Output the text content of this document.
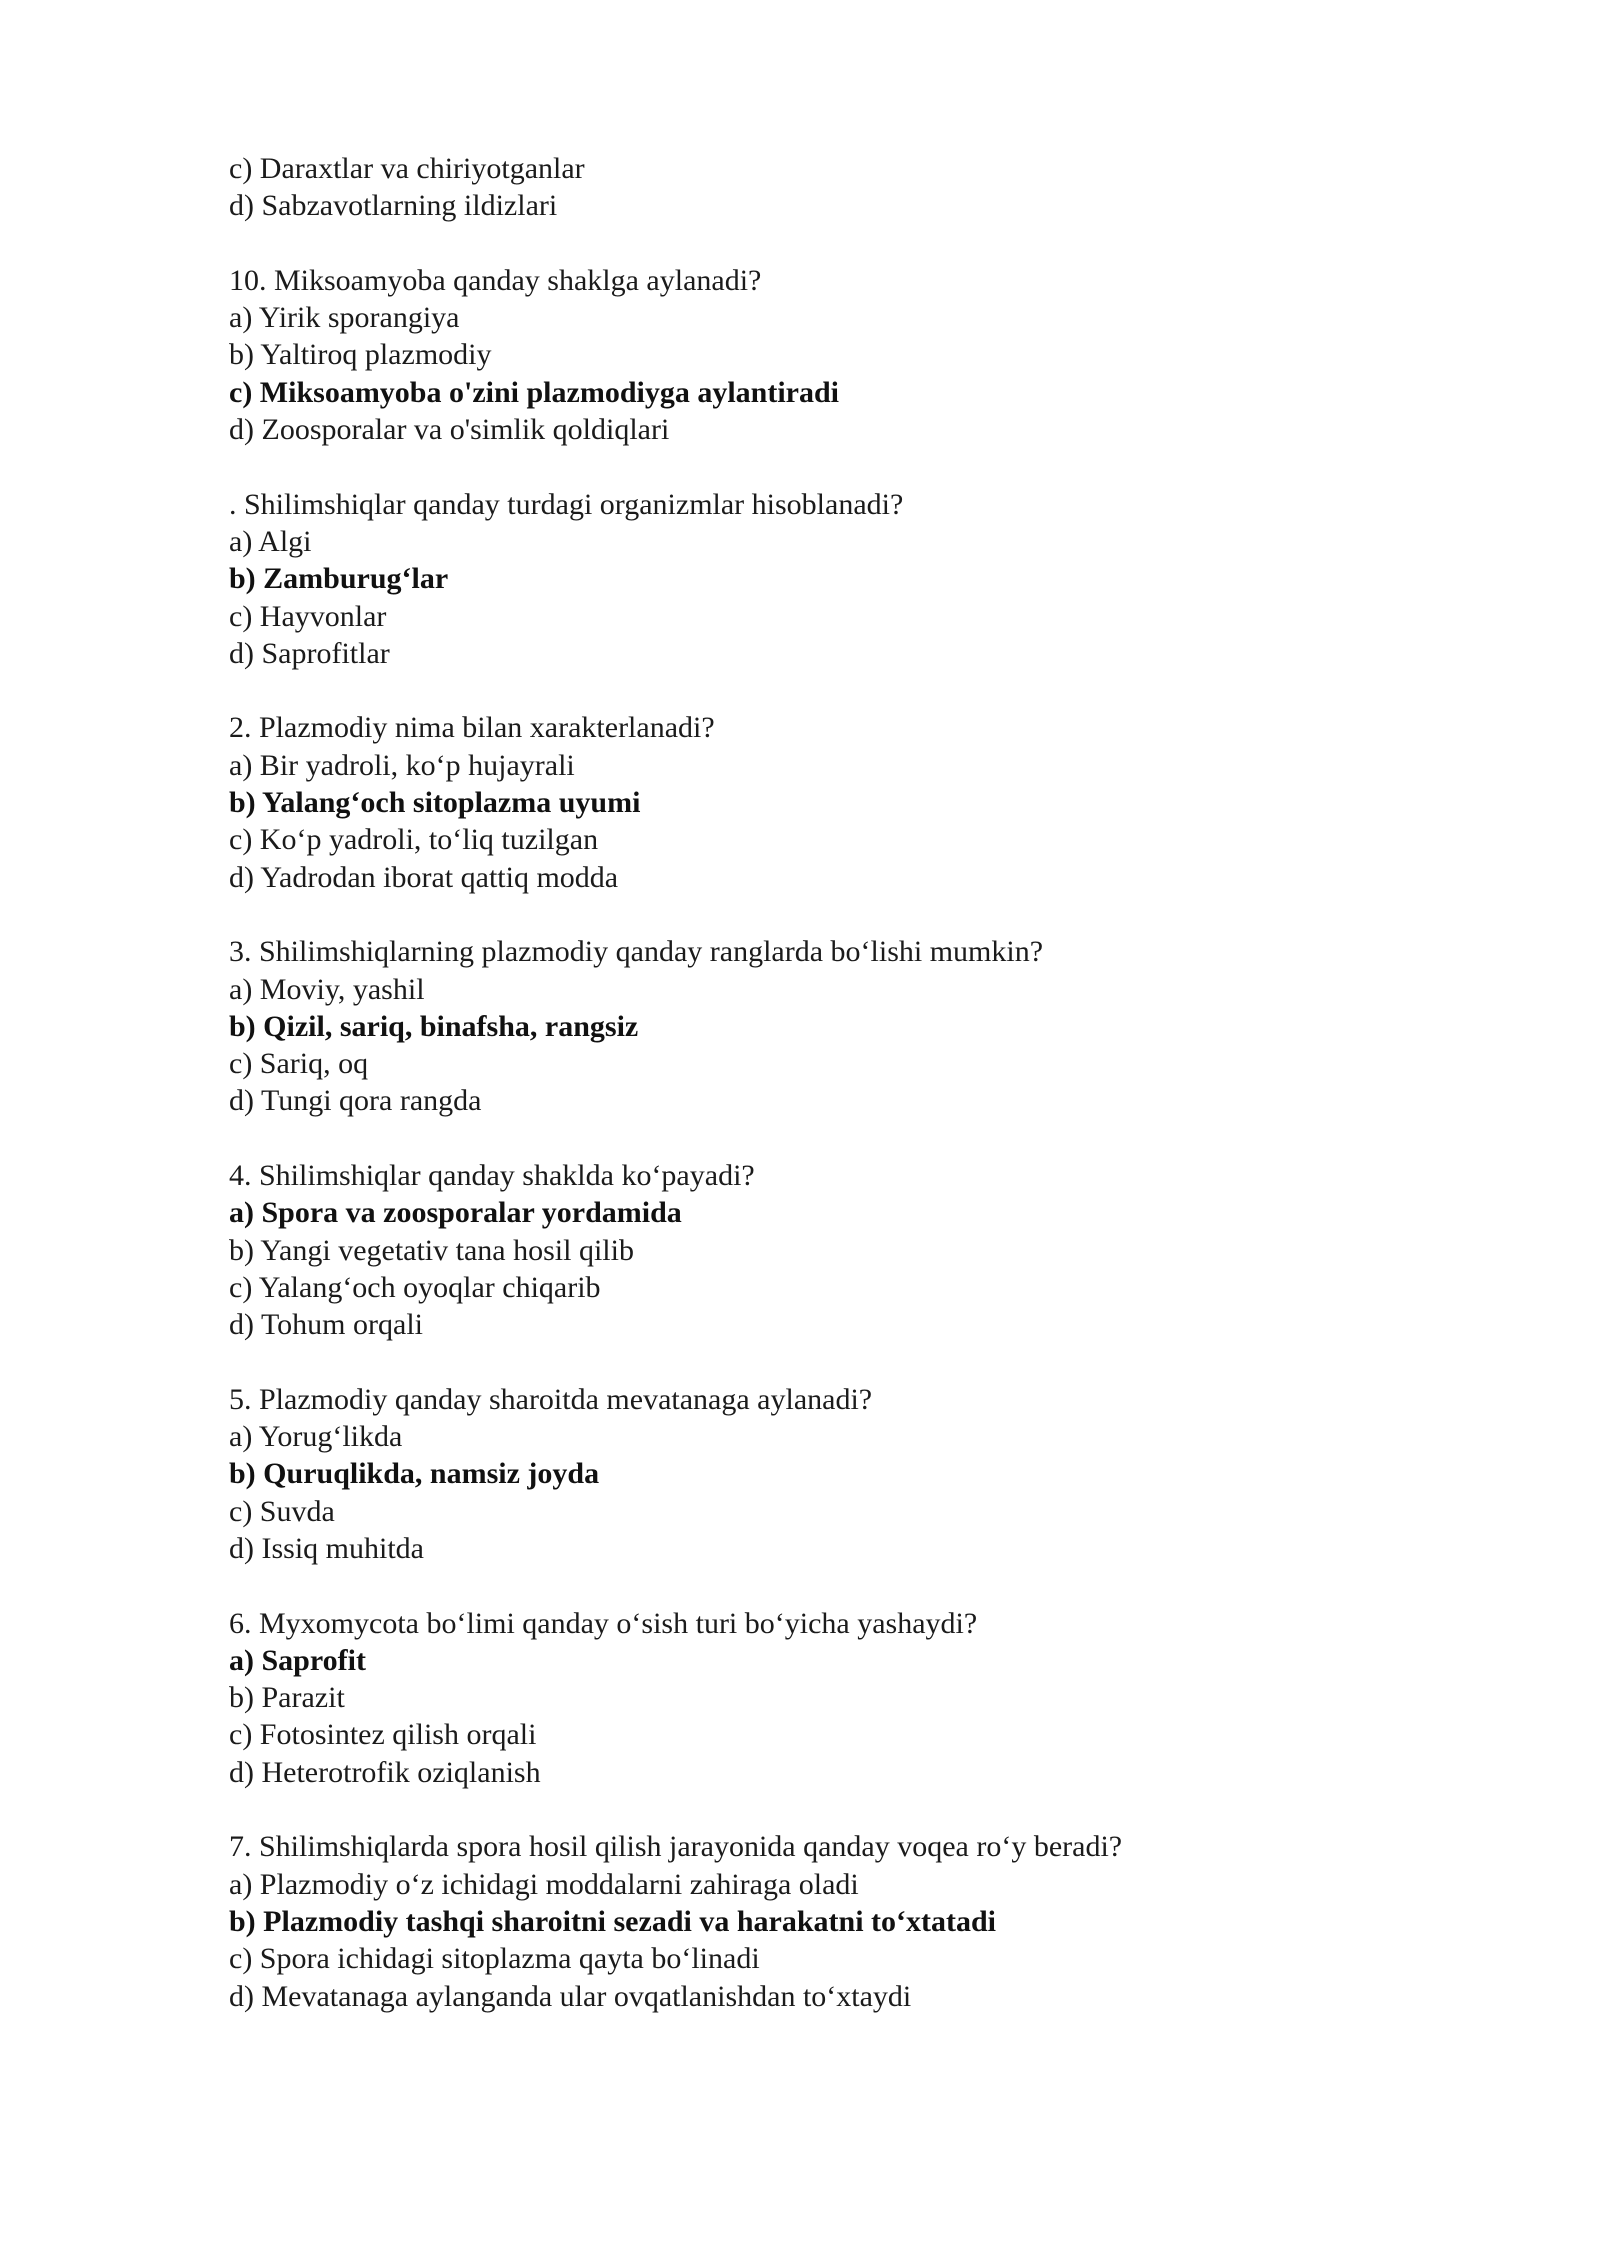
c) Daraxtlar va chiriyotganlar
d) Sabzavotlarning ildizlari
10. Miksoamyoba qanday shaklga aylanadi?
a) Yirik sporangiya
b) Yaltiroq plazmodiy
c) Miksoamyoba o'zini plazmodiyga aylantiradi
d) Zoosporalar va o'simlik qoldiqlari
. Shilimshiqlar qanday turdagi organizmlar hisoblanadi?
a) Algi
b) Zamburug‘lar
c) Hayvonlar
d) Saprofitlar
2. Plazmodiy nima bilan xarakterlanadi?
a) Bir yadroli, ko‘p hujayrali
b) Yalang‘och sitoplazma uyumi
c) Ko‘p yadroli, to‘liq tuzilgan
d) Yadrodan iborat qattiq modda
3. Shilimshiqlarning plazmodiy qanday ranglarda bo‘lishi mumkin?
a) Moviy, yashil
b) Qizil, sariq, binafsha, rangsiz
c) Sariq, oq
d) Tungi qora rangda
4. Shilimshiqlar qanday shaklda ko‘payadi?
a) Spora va zoosporalar yordamida
b) Yangi vegetativ tana hosil qilib
c) Yalang‘och oyoqlar chiqarib
d) Tohum orqali
5. Plazmodiy qanday sharoitda mevatanaga aylanadi?
a) Yorug‘likda
b) Quruqlikda, namsiz joyda
c) Suvda
d) Issiq muhitda
6. Myxomycota bo‘limi qanday o‘sish turi bo‘yicha yashaydi?
a) Saprofit
b) Parazit
c) Fotosintez qilish orqali
d) Heterotrofik oziqlanish
7. Shilimshiqlarda spora hosil qilish jarayonida qanday voqea ro‘y beradi?
a) Plazmodiy o‘z ichidagi moddalarni zahiraga oladi
b) Plazmodiy tashqi sharoitni sezadi va harakatni to‘xtatadi
c) Spora ichidagi sitoplazma qayta bo‘linadi
d) Mevatanaga aylanganda ular ovqatlanishdan to‘xtaydi
